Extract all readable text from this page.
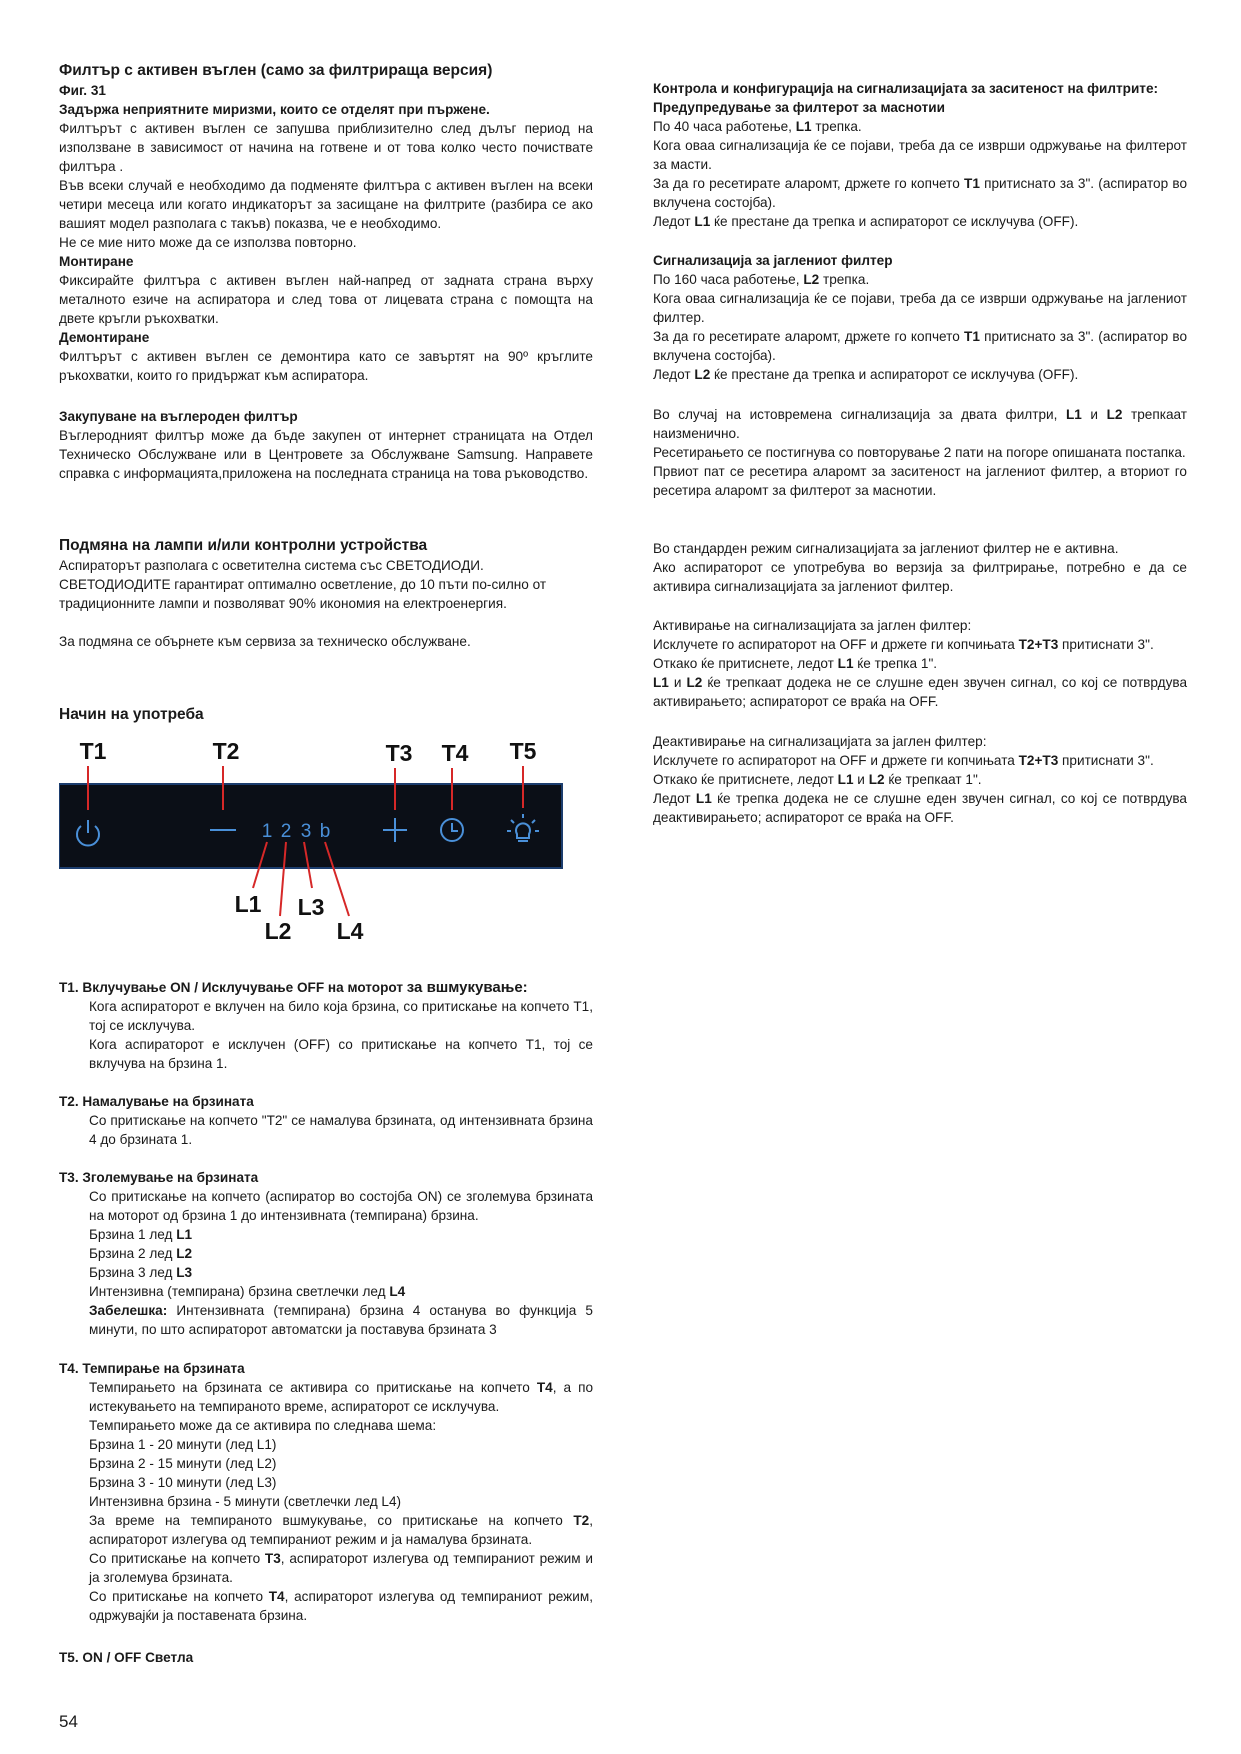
Филтър с активен въглен (само за филтрираща версия)

Фиг. 31

Задържа неприятните миризми, които се отделят при пържене.

Филтърът с активен въглен се запушва приблизително след дълъг период на използване в зависимост от начина на готвене и от това колко често почиствате филтъра .

Във всеки случай е необходимо да подменяте филтъра с активен въглен на всеки четири месеца или когато индикаторът за засищане на филтрите (разбира се ако вашият модел разполага с такъв) показва, че е необходимо.

Не се мие нито може да се използва повторно.

Монтиране

Фиксирайте филтъра с активен въглен най-напред от задната страна върху металното езиче на аспиратора и след това от лицевата страна с помощта на двете кръгли ръкохватки.

Демонтиране

Филтърът с активен въглен се демонтира като се завъртят на 90º кръглите ръкохватки, които го придържат към аспиратора.

Закупуване на въглероден филтър

Въглеродният филтър може да бъде закупен от интернет страницата на Отдел Техническо Обслужване или в Центровете за Обслужване Samsung. Направете справка с информацията,приложена на последната страница на това ръководство.

Подмяна на лампи и/или контролни устройства

Аспираторът разполага с осветителна система със СВЕТОДИОДИ.

СВЕТОДИОДИТЕ гарантират оптимално осветление, до 10 пъти по-силно от традиционните лампи и позволяват 90% икономия на електроенергия.

За подмяна се обърнете към сервиза за техническо обслужване.

Начин на употреба

T1	T2	T3 T4 T5
1 2 3 b
L1
L2
L3
L4

T1. Вклучување ON / Исклучување OFF на моторот за вшмукување:

Кога аспираторот е вклучен на било која брзина, со притискање на копчето T1, тој се исклучува.

Кога аспираторот е исклучен (OFF) со притискање на копчето T1, тој се вклучува на брзина 1.

T2. Намалување на брзината

Со притискање на копчето "T2" се намалува брзината, од интензивната брзина 4 до брзината 1.

T3. Зголемување на брзината

Со притискање на копчето (аспиратор во состојба ON) се зголемува брзината на моторот од брзина 1 до интензивната (темпирана) брзина.

Брзина 1 лед L1

Брзина 2 лед L2

Брзина 3 лед L3

Интензивна (темпирана) брзина светлечки лед L4

Забелешка: Интензивната (темпирана) брзина 4 останува во функција 5 минути, по што аспираторот автоматски ја поставува брзината 3

T4. Темпирање на брзината

Темпирањето на брзината се активира со притискање на копчето T4, а по истекувањето на темпираното време, аспираторот се исклучува.

Темпирањето може да се активира по следнава шема:

Брзина 1 - 20 минути (лед L1)

Брзина 2 - 15 минути (лед L2)

Брзина 3 - 10 минути (лед L3)

Интензивна брзина - 5 минути (светлечки лед L4)

За време на темпираното вшмукување, со притискање на копчето T2, аспираторот излегува од темпираниот режим и ја намалува брзината.

Со притискање на копчето T3, аспираторот излегува од темпираниот режим и ја зголемува брзината.

Со притискање на копчето T4, аспираторот излегува од темпираниот режим, одржувајќи ја поставената брзина.

T5. ON / OFF Светла

Контрола и конфигурација на сигнализацијата за заситеност на филтрите:

Предупредување за филтерот за маснотии

По 40 часа работење, L1 трепка.

Кога оваа сигнализација ќе се појави, треба да се изврши одржување на филтерот за масти.

За да го ресетирате аларомт, држете го копчето T1 притиснато за 3". (аспиратор во вклучена состојба).

Ледот L1 ќе престане да трепка и аспираторот се исклучува (OFF).

Сигнализација за јаглениот филтер

По 160 часа работење, L2 трепка.

Кога оваа сигнализација ќе се појави, треба да се изврши одржување на јаглениот филтер.

За да го ресетирате аларомт, држете го копчето T1 притиснато за 3". (аспиратор во вклучена состојба).

Ледот L2 ќе престане да трепка и аспираторот се исклучува (OFF).

Во случај на истовремена сигнализација за двата филтри, L1 и L2 трепкаат наизменично.

Ресетирањето се постигнува со повторување 2 пати на погоре опишаната постапка.

Првиот пат се ресетира аларомт за заситеност на јаглениот филтер, а вториот го ресетира аларомт за филтерот за маснотии.

Во стандарден режим сигнализацијата за јаглениот филтер не е активна.

Ако аспираторот се употребува во верзија за филтрирање, потребно е да се активира сигнализацијата за јаглениот филтер.

Активирање на сигнализацијата за јаглен филтер:

Исклучете го аспираторот на OFF и држете ги копчињата T2+T3 притиснати 3".

Откако ќе притиснете, ледот L1 ќе трепка 1".

L1 и L2 ќе трепкаат додека не се слушне еден звучен сигнал, со кој се потврдува активирањето; аспираторот се враќа на OFF.

Деактивирање на сигнализацијата за јаглен филтер:

Исклучете го аспираторот на OFF и држете ги копчињата T2+T3 притиснати 3".

Откако ќе притиснете, ледот L1 и L2 ќе трепкаат 1".

Ледот L1 ќе трепка додека не се слушне еден звучен сигнал, со кој се потврдува деактивирањето; аспираторот се враќа на OFF.

54
